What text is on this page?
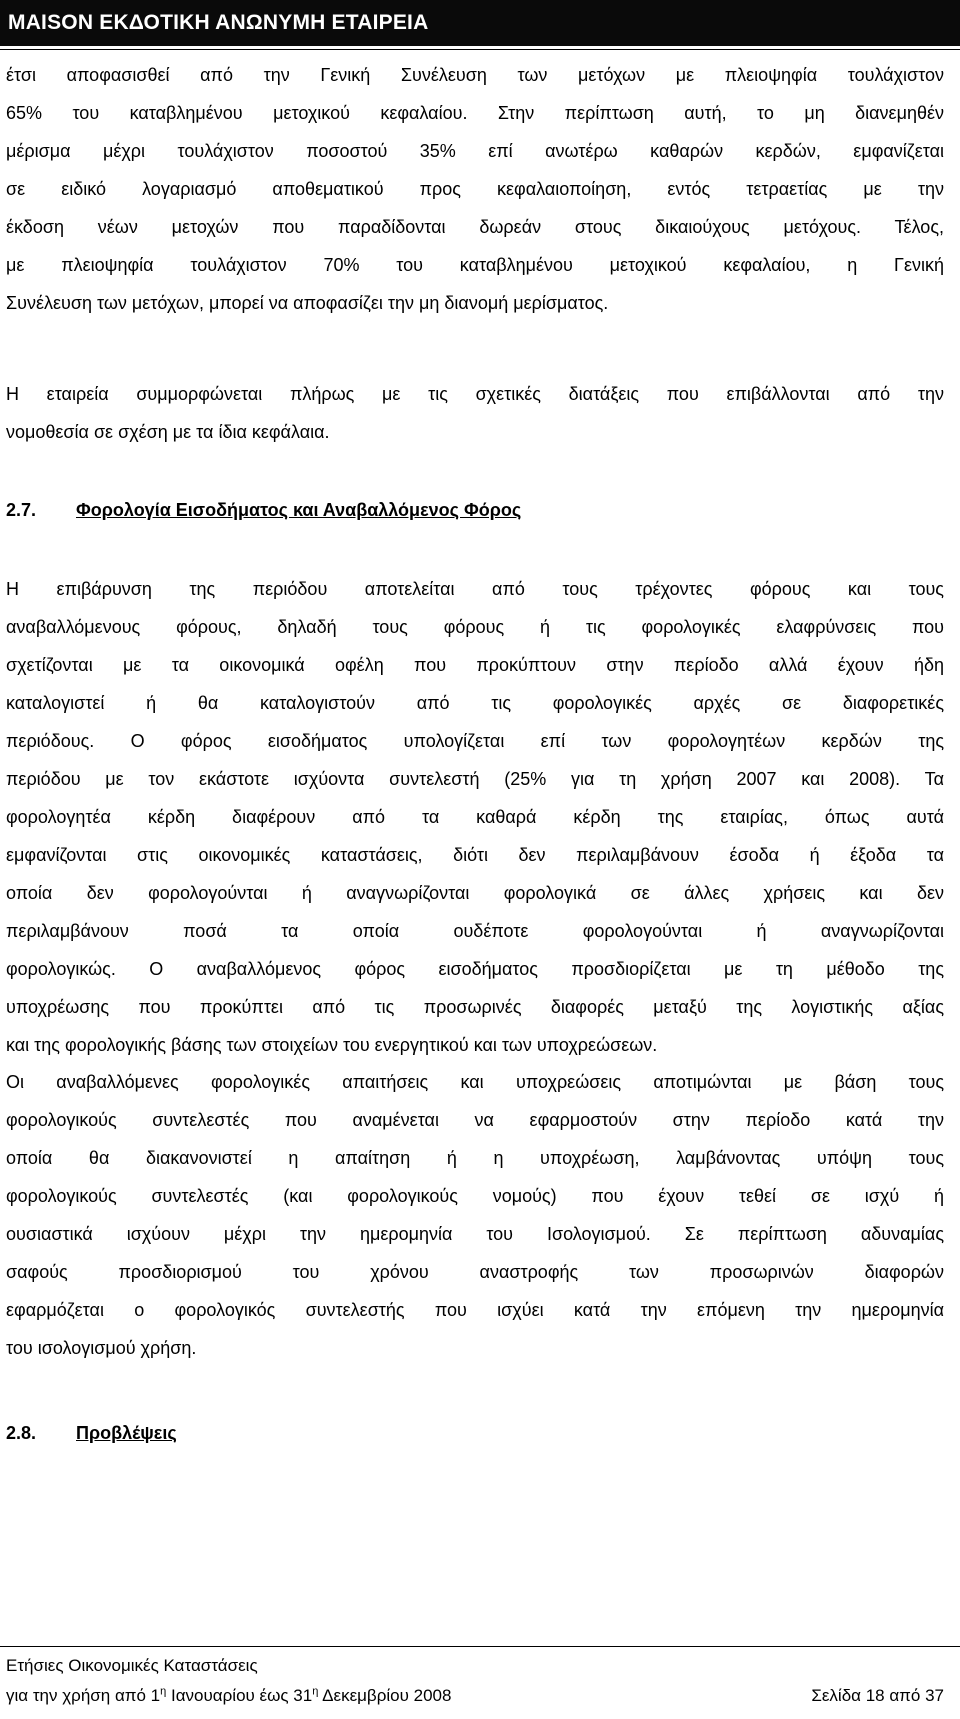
MAISON ΕΚΔΟΤΙΚΗ ΑΝΩΝΥΜΗ ΕΤΑΙΡΕΙΑ
έτσι αποφασισθεί από την Γενική Συνέλευση των μετόχων με πλειοψηφία τουλάχιστον
65% του καταβλημένου μετοχικού κεφαλαίου. Στην περίπτωση αυτή, το μη διανεμηθέν
μέρισμα μέχρι τουλάχιστον ποσοστού 35% επί ανωτέρω καθαρών κερδών, εμφανίζεται
σε ειδικό λογαριασμό αποθεματικού προς κεφαλαιοποίηση, εντός τετραετίας με την
έκδοση νέων μετοχών που παραδίδονται δωρεάν στους δικαιούχους μετόχους. Τέλος,
με πλειοψηφία τουλάχιστον 70% του καταβλημένου μετοχικού κεφαλαίου, η Γενική
Συνέλευση των μετόχων, μπορεί να αποφασίζει την μη διανομή μερίσματος.
Η εταιρεία συμμορφώνεται πλήρως με τις σχετικές διατάξεις που επιβάλλονται από την
νομοθεσία σε σχέση με τα ίδια κεφάλαια.
2.7. Φορολογία Εισοδήματος και Αναβαλλόμενος Φόρος
Η επιβάρυνση της περιόδου αποτελείται από τους τρέχοντες φόρους και τους
αναβαλλόμενους φόρους, δηλαδή τους φόρους ή τις φορολογικές ελαφρύνσεις που
σχετίζονται με τα οικονομικά οφέλη που προκύπτουν στην περίοδο αλλά έχουν ήδη
καταλογιστεί ή θα καταλογιστούν από τις φορολογικές αρχές σε διαφορετικές
περιόδους. Ο φόρος εισοδήματος υπολογίζεται επί των φορολογητέων κερδών της
περιόδου με τον εκάστοτε ισχύοντα συντελεστή (25% για τη χρήση 2007 και 2008). Τα
φορολογητέα κέρδη διαφέρουν από τα καθαρά κέρδη της εταιρίας, όπως αυτά
εμφανίζονται στις οικονομικές καταστάσεις, διότι δεν περιλαμβάνουν έσοδα ή έξοδα τα
οποία δεν φορολογούνται ή αναγνωρίζονται φορολογικά σε άλλες χρήσεις και δεν
περιλαμβάνουν ποσά τα οποία ουδέποτε φορολογούνται ή αναγνωρίζονται
φορολογικώς. Ο αναβαλλόμενος φόρος εισοδήματος προσδιορίζεται με τη μέθοδο της
υποχρέωσης που προκύπτει από τις προσωρινές διαφορές μεταξύ της λογιστικής αξίας
και της φορολογικής βάσης των στοιχείων του ενεργητικού και των υποχρεώσεων.
Οι αναβαλλόμενες φορολογικές απαιτήσεις και υποχρεώσεις αποτιμώνται με βάση τους
φορολογικούς συντελεστές που αναμένεται να εφαρμοστούν στην περίοδο κατά την
οποία θα διακανονιστεί η απαίτηση ή η υποχρέωση, λαμβάνοντας υπόψη τους
φορολογικούς συντελεστές (και φορολογικούς νομούς) που έχουν τεθεί σε ισχύ ή
ουσιαστικά ισχύουν μέχρι την ημερομηνία του Ισολογισμού. Σε περίπτωση αδυναμίας
σαφούς προσδιορισμού του χρόνου αναστροφής των προσωρινών διαφορών
εφαρμόζεται ο φορολογικός συντελεστής που ισχύει κατά την επόμενη την ημερομηνία
του ισολογισμού χρήση.
2.8. Προβλέψεις
Ετήσιες Οικονομικές Καταστάσεις
για την χρήση από $1^\eta$ Ιανουαρίου έως $31^\eta$ Δεκεμβρίου 2008	Σελίδα 18 από 37
